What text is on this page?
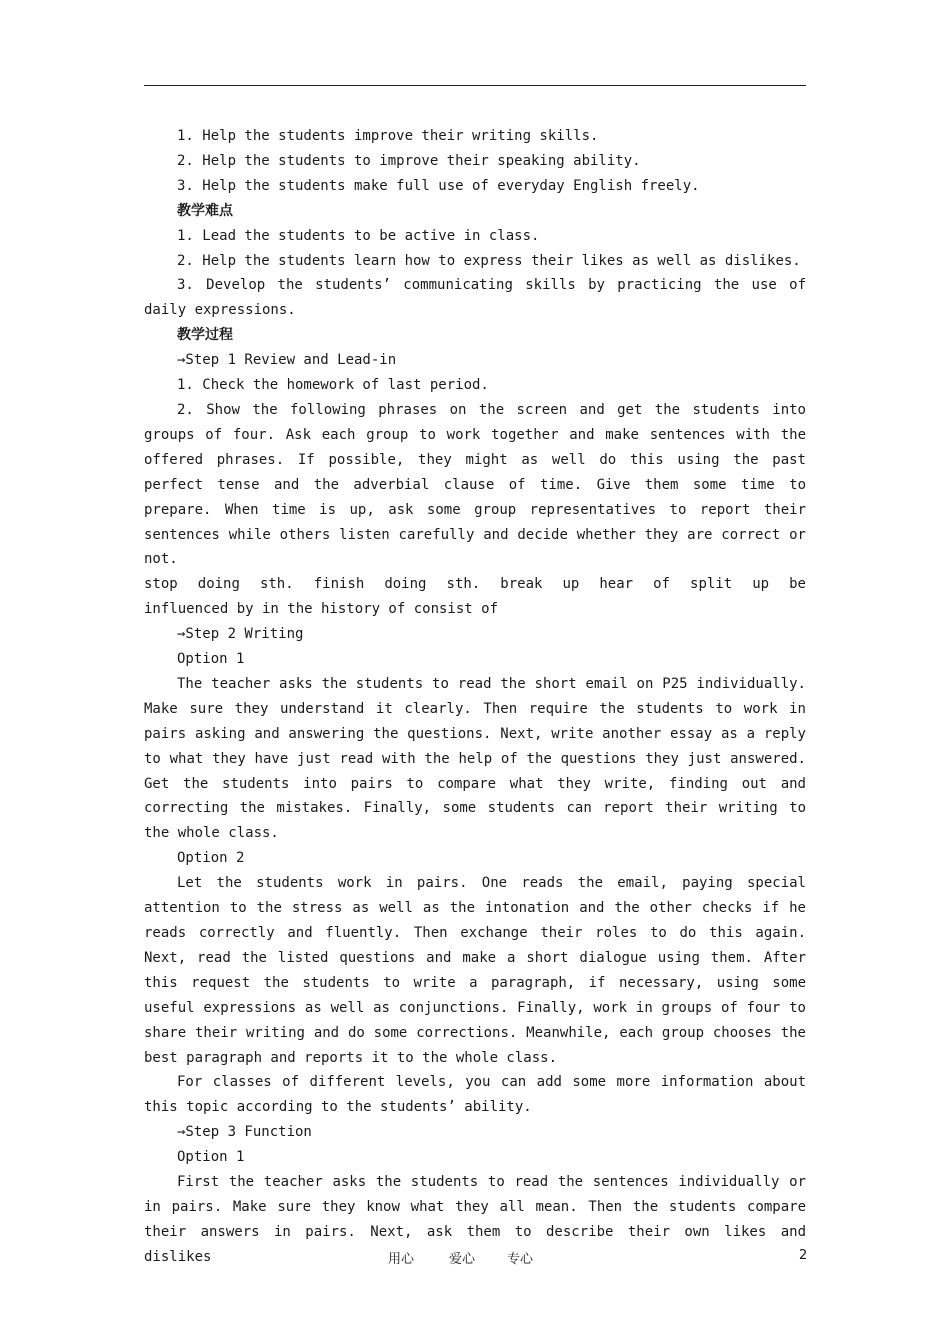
1. Help the students improve their writing skills.

2. Help the students to improve their speaking ability.

3. Help the students make full use of everyday English freely.

教学难点

1. Lead the students to be active in class.

2. Help the students learn how to express their likes as well as dislikes.

3. Develop the students’ communicating skills by practicing the use of daily expressions.

教学过程

→Step 1 Review and Lead-in

1. Check the homework of last period.

2. Show the following phrases on the screen and get the students into groups of four. Ask each group to work together and make sentences with the offered phrases. If possible, they might as well do this using the past perfect tense and the adverbial clause of time. Give them some time to prepare. When time is up, ask some group representatives to report their sentences while others listen carefully and decide whether they are correct or not.

stop doing sth. finish doing sth. break up hear of split up be

influenced by in the history of consist of

→Step 2 Writing

Option 1

The teacher asks the students to read the short email on P25 individually. Make sure they understand it clearly. Then require the students to work in pairs asking and answering the questions. Next, write another essay as a reply to what they have just read with the help of the questions they just answered. Get the students into pairs to compare what they write, finding out and correcting the mistakes. Finally, some students can report their writing to the whole class.

Option 2

Let the students work in pairs. One reads the email, paying special attention to the stress as well as the intonation and the other checks if he reads correctly and fluently. Then exchange their roles to do this again. Next, read the listed questions and make a short dialogue using them. After this request the students to write a paragraph, if necessary, using some useful expressions as well as conjunctions. Finally, work in groups of four to share their writing and do some corrections. Meanwhile, each group chooses the best paragraph and reports it to the whole class.

For classes of different levels, you can add some more information about this topic according to the students’ ability.

→Step 3 Function

Option 1

First the teacher asks the students to read the sentences individually or in pairs. Make sure they know what they all mean. Then the students compare their answers in pairs. Next, ask them to describe their own likes and dislikes	用心	爱心 专心	2
